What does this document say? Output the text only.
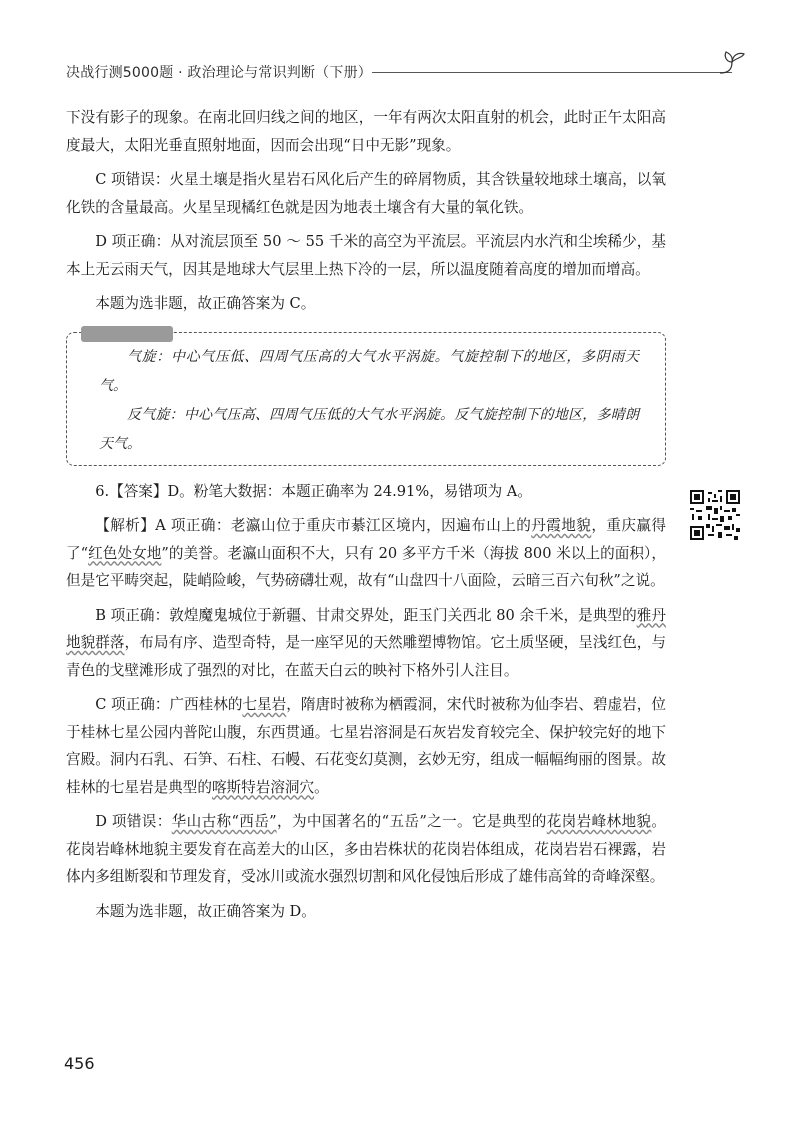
决战行测5000题 · 政治理论与常识判断（下册）

下没有影子的现象。在南北回归线之间的地区，一年有两次太阳直射的机会，此时正午太阳高度最大，太阳光垂直照射地面，因而会出现“日中无影”现象。

C 项错误：火星土壤是指火星岩石风化后产生的碎屑物质，其含铁量较地球土壤高，以氧化铁的含量最高。火星呈现橘红色就是因为地表土壤含有大量的氧化铁。

D 项正确：从对流层顶至 50 ～ 55 千米的高空为平流层。平流层内水汽和尘埃稀少，基本上无云雨天气，因其是地球大气层里上热下冷的一层，所以温度随着高度的增加而增高。

本题为选非题，故正确答案为 C。

气旋：中心气压低、四周气压高的大气水平涡旋。气旋控制下的地区，多阴雨天气。

反气旋：中心气压高、四周气压低的大气水平涡旋。反气旋控制下的地区，多晴朗天气。

6.【答案】D。粉笔大数据：本题正确率为 24.91%，易错项为 A。

【解析】A 项正确：老瀛山位于重庆市綦江区境内，因遍布山上的丹霞地貌，重庆赢得了“红色处女地”的美誉。老瀛山面积不大，只有 20 多平方千米（海拔 800 米以上的面积），但是它平畴突起，陡峭险峻，气势磅礴壮观，故有“山盘四十八面险，云暗三百六旬秋”之说。

B 项正确：敦煌魔鬼城位于新疆、甘肃交界处，距玉门关西北 80 余千米，是典型的雅丹地貌群落，布局有序、造型奇特，是一座罕见的天然雕塑博物馆。它土质坚硬，呈浅红色，与青色的戈壁滩形成了强烈的对比，在蓝天白云的映衬下格外引人注目。

C 项正确：广西桂林的七星岩，隋唐时被称为栖霞洞，宋代时被称为仙李岩、碧虚岩，位于桂林七星公园内普陀山腹，东西贯通。七星岩溶洞是石灰岩发育较完全、保护较完好的地下宫殿。洞内石乳、石笋、石柱、石幔、石花变幻莫测，玄妙无穷，组成一幅幅绚丽的图景。故桂林的七星岩是典型的喀斯特岩溶洞穴。

D 项错误：华山古称“西岳”，为中国著名的“五岳”之一。它是典型的花岗岩峰林地貌。花岗岩峰林地貌主要发育在高差大的山区，多由岩株状的花岗岩体组成，花岗岩岩石裸露，岩体内多组断裂和节理发育，受冰川或流水强烈切割和风化侵蚀后形成了雄伟高耸的奇峰深壑。

本题为选非题，故正确答案为 D。

456
